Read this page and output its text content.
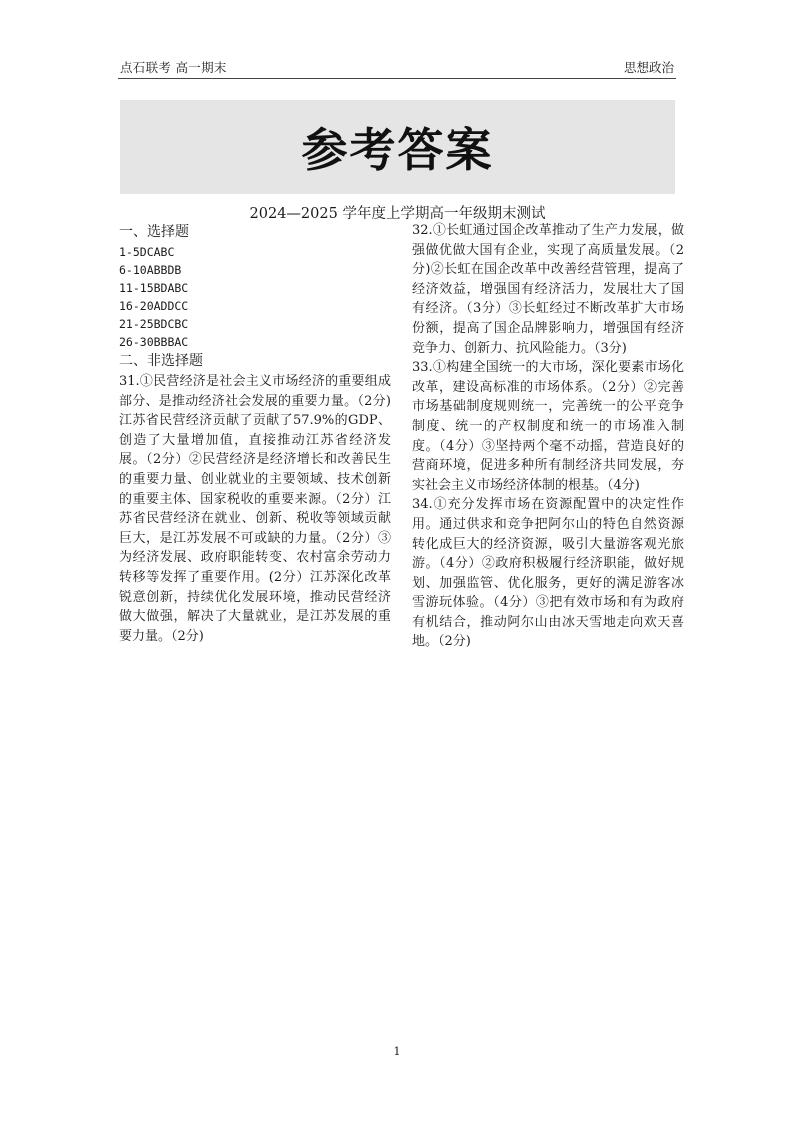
点石联考 高一期末	思想政治
参考答案
2024—2025 学年度上学期高一年级期末测试
一、选择题
1-5DCABC
6-10ABBDB
11-15BDABC
16-20ADDCC
21-25BDCBC
26-30BBBAC
二、非选择题

31.①民营经济是社会主义市场经济的重要组成部分、是推动经济社会发展的重要力量。（2分)江苏省民营经济贡献了贡献了57.9%的GDP、创造了大量增加值，直接推动江苏省经济发展。（2分）②民营经济是经济增长和改善民生的重要力量、创业就业的主要领域、技术创新的重要主体、国家税收的重要来源。（2分）江苏省民营经济在就业、创新、税收等领域贡献巨大，是江苏发展不可或缺的力量。（2分）③为经济发展、政府职能转变、农村富余劳动力转移等发挥了重要作用。(2分）江苏深化改革锐意创新，持续优化发展环境，推动民营经济做大做强，解决了大量就业，是江苏发展的重要力量。（2分)

32.①长虹通过国企改革推动了生产力发展，做强做优做大国有企业，实现了高质量发展。（2分)②长虹在国企改革中改善经营管理，提高了经济效益，增强国有经济活力，发展壮大了国有经济。（3分）③长虹经过不断改革扩大市场份额，提高了国企品牌影响力，增强国有经济竞争力、创新力、抗风险能力。（3分)

33.①构建全国统一的大市场，深化要素市场化改革，建设高标准的市场体系。（2分）②完善市场基础制度规则统一，完善统一的公平竞争制度、统一的产权制度和统一的市场准入制度。（4分）③坚持两个毫不动摇，营造良好的营商环境，促进多种所有制经济共同发展，夯实社会主义市场经济体制的根基。（4分)

34.①充分发挥市场在资源配置中的决定性作用。通过供求和竞争把阿尔山的特色自然资源转化成巨大的经济资源，吸引大量游客观光旅游。（4分）②政府积极履行经济职能，做好规划、加强监管、优化服务，更好的满足游客冰雪游玩体验。（4分）③把有效市场和有为政府有机结合，推动阿尔山由冰天雪地走向欢天喜地。（2分)

1
